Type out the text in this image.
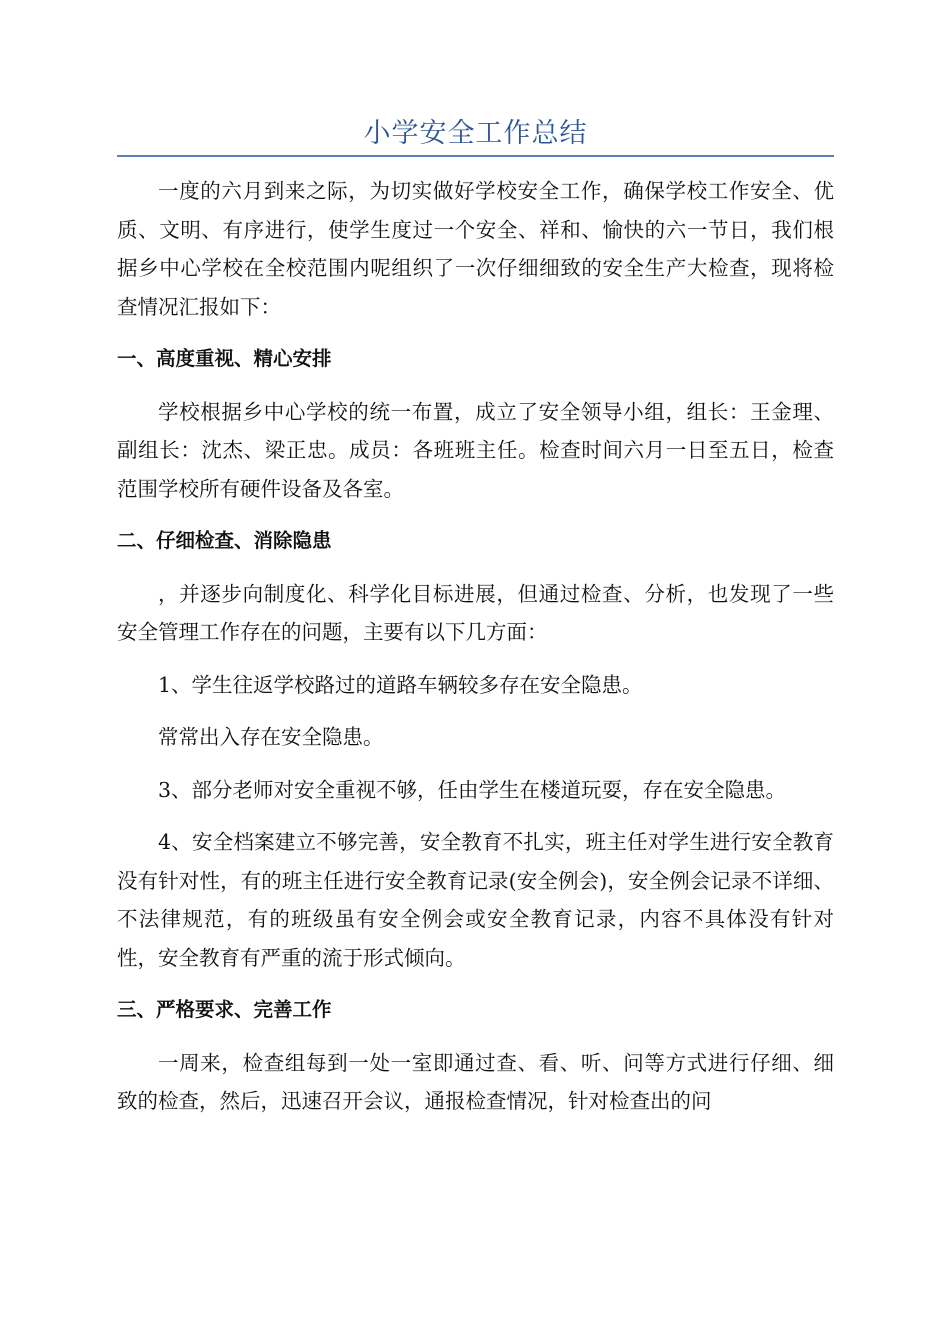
小学安全工作总结

一度的六月到来之际，为切实做好学校安全工作，确保学校工作安全、优质、文明、有序进行，使学生度过一个安全、祥和、愉快的六一节日，我们根据乡中心学校在全校范围内呢组织了一次仔细细致的安全生产大检查，现将检查情况汇报如下：

一、高度重视、精心安排

学校根据乡中心学校的统一布置，成立了安全领导小组，组长：王金理、副组长：沈杰、梁正忠。成员：各班班主任。检查时间六月一日至五日，检查范围学校所有硬件设备及各室。

二、仔细检查、消除隐患

，并逐步向制度化、科学化目标进展，但通过检查、分析，也发现了一些安全管理工作存在的问题，主要有以下几方面：

1、学生往返学校路过的道路车辆较多存在安全隐患。

常常出入存在安全隐患。

3、部分老师对安全重视不够，任由学生在楼道玩耍，存在安全隐患。

4、安全档案建立不够完善，安全教育不扎实，班主任对学生进行安全教育没有针对性，有的班主任进行安全教育记录(安全例会)，安全例会记录不详细、不法律规范，有的班级虽有安全例会或安全教育记录，内容不具体没有针对性，安全教育有严重的流于形式倾向。

三、严格要求、完善工作

一周来，检查组每到一处一室即通过查、看、听、问等方式进行仔细、细致的检查，然后，迅速召开会议，通报检查情况，针对检查出的问
